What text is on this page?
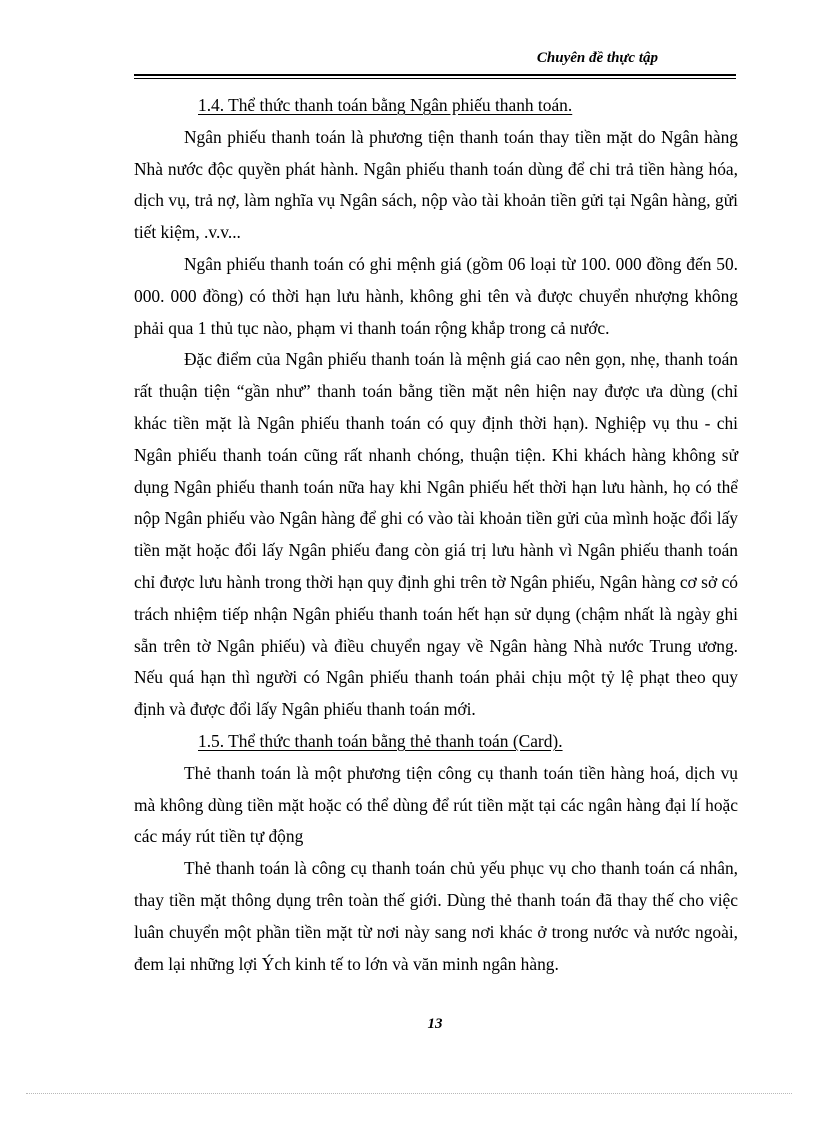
Chuyên đề thực tập

1.4. Thể thức thanh toán bằng Ngân phiếu thanh toán.

Ngân phiếu thanh toán là phương tiện thanh toán thay tiền mặt do Ngân hàng Nhà nước độc quyền phát hành. Ngân phiếu thanh toán dùng để chi trả tiền hàng hóa, dịch vụ, trả nợ, làm nghĩa vụ Ngân sách, nộp vào tài khoản tiền gửi tại Ngân hàng, gửi tiết kiệm, .v.v...

Ngân phiếu thanh toán có ghi mệnh giá (gồm 06 loại từ 100. 000 đồng đến 50. 000. 000 đồng) có thời hạn lưu hành, không ghi tên và được chuyển nhượng không phải qua 1 thủ tục nào, phạm vi thanh toán rộng khắp trong cả nước.

Đặc điểm của Ngân phiếu thanh toán là mệnh giá cao nên gọn, nhẹ, thanh toán rất thuận tiện “gần như” thanh toán bằng tiền mặt nên hiện nay được ưa dùng (chỉ khác tiền mặt là Ngân phiếu thanh toán có quy định thời hạn). Nghiệp vụ thu - chi Ngân phiếu thanh toán cũng rất nhanh chóng, thuận tiện. Khi khách hàng không sử dụng Ngân phiếu thanh toán nữa hay khi Ngân phiếu hết thời hạn lưu hành, họ có thể nộp Ngân phiếu vào Ngân hàng để ghi có vào tài khoản tiền gửi của mình hoặc đổi lấy tiền mặt hoặc đổi lấy Ngân phiếu đang còn giá trị lưu hành vì Ngân phiếu thanh toán chỉ được lưu hành trong thời hạn quy định ghi trên tờ Ngân phiếu, Ngân hàng cơ sở có trách nhiệm tiếp nhận Ngân phiếu thanh toán hết hạn sử dụng (chậm nhất là ngày ghi sẵn trên tờ Ngân phiếu) và điều chuyển ngay về Ngân hàng Nhà nước Trung ương. Nếu quá hạn thì người có Ngân phiếu thanh toán phải chịu một tỷ lệ phạt theo quy định và được đổi lấy Ngân phiếu thanh toán mới.

1.5. Thể thức thanh toán bằng thẻ thanh toán (Card).

Thẻ thanh toán là một phương tiện công cụ thanh toán tiền hàng hoá, dịch vụ mà không dùng tiền mặt hoặc có thể dùng để rút tiền mặt tại các ngân hàng đại lí hoặc các máy rút tiền tự động

Thẻ thanh toán là công cụ thanh toán chủ yếu phục vụ cho thanh toán cá nhân, thay tiền mặt thông dụng trên toàn thế giới. Dùng thẻ thanh toán đã thay thế cho việc luân chuyển một phần tiền mặt từ nơi này sang nơi khác ở trong nước và nước ngoài, đem lại những lợi Ých kinh tế to lớn và văn minh ngân hàng.

13
